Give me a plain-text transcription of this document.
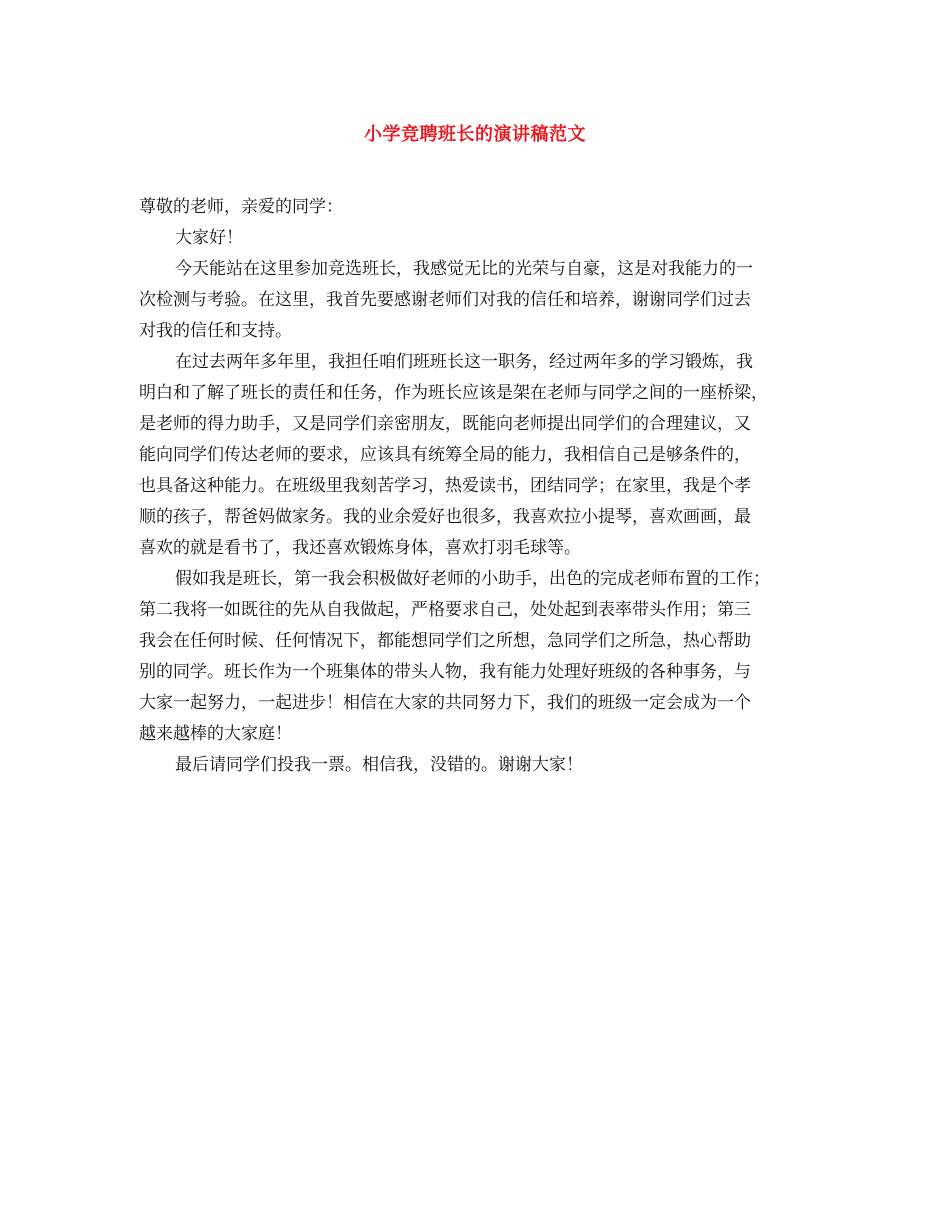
小学竞聘班长的演讲稿范文

尊敬的老师，亲爱的同学：

大家好！

今天能站在这里参加竞选班长，我感觉无比的光荣与自豪，这是对我能力的一
次检测与考验。在这里，我首先要感谢老师们对我的信任和培养，谢谢同学们过去
对我的信任和支持。

在过去两年多年里，我担任咱们班班长这一职务，经过两年多的学习锻炼，我
明白和了解了班长的责任和任务，作为班长应该是架在老师与同学之间的一座桥梁，
是老师的得力助手，又是同学们亲密朋友，既能向老师提出同学们的合理建议，又
能向同学们传达老师的要求，应该具有统筹全局的能力，我相信自己是够条件的，
也具备这种能力。在班级里我刻苦学习，热爱读书，团结同学；在家里，我是个孝
顺的孩子，帮爸妈做家务。我的业余爱好也很多，我喜欢拉小提琴，喜欢画画，最
喜欢的就是看书了，我还喜欢锻炼身体，喜欢打羽毛球等。

假如我是班长，第一我会积极做好老师的小助手，出色的完成老师布置的工作；
第二我将一如既往的先从自我做起，严格要求自己，处处起到表率带头作用；第三
我会在任何时候、任何情况下，都能想同学们之所想，急同学们之所急，热心帮助
别的同学。班长作为一个班集体的带头人物，我有能力处理好班级的各种事务，与
大家一起努力，一起进步！相信在大家的共同努力下，我们的班级一定会成为一个
越来越棒的大家庭！

最后请同学们投我一票。相信我，没错的。谢谢大家！
